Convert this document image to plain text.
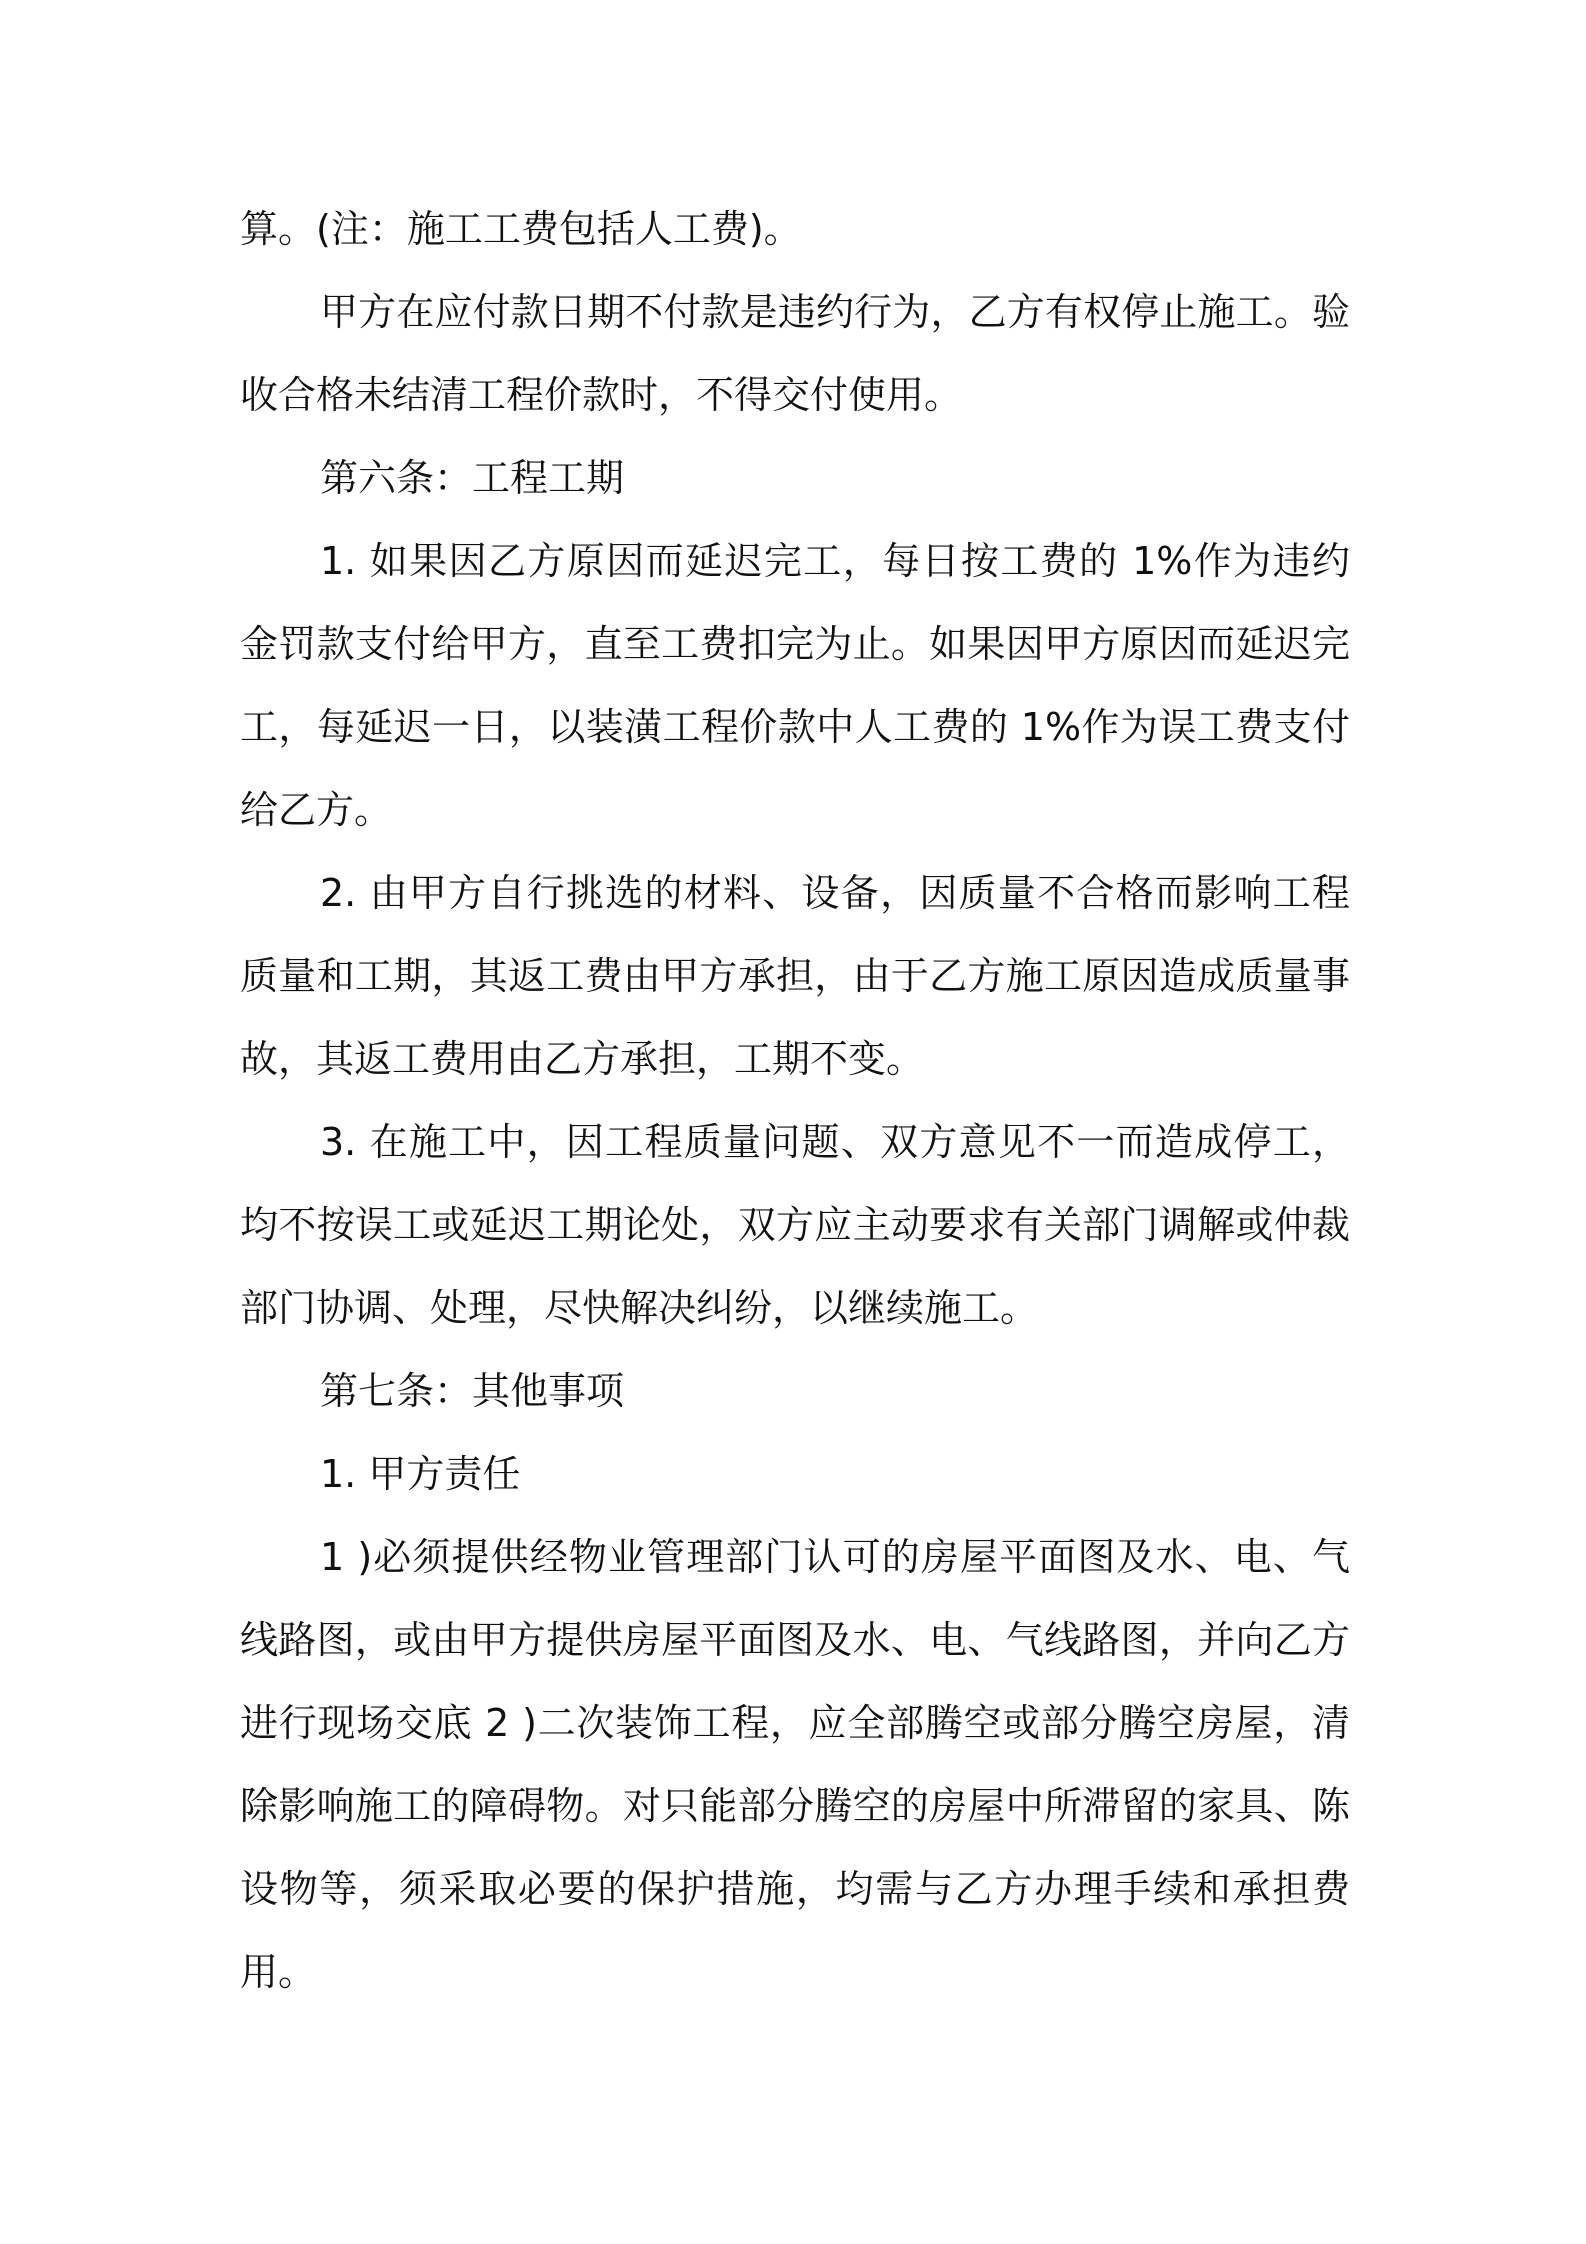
算。(注：施工工费包括人工费)。

甲方在应付款日期不付款是违约行为，乙方有权停止施工。验收合格未结清工程价款时，不得交付使用。

第六条：工程工期

1. 如果因乙方原因而延迟完工，每日按工费的 1%作为违约金罚款支付给甲方，直至工费扣完为止。如果因甲方原因而延迟完工，每延迟一日，以装潢工程价款中人工费的 1%作为误工费支付给乙方。

2. 由甲方自行挑选的材料、设备，因质量不合格而影响工程质量和工期，其返工费由甲方承担，由于乙方施工原因造成质量事故，其返工费用由乙方承担，工期不变。

3. 在施工中，因工程质量问题、双方意见不一而造成停工，均不按误工或延迟工期论处，双方应主动要求有关部门调解或仲裁部门协调、处理，尽快解决纠纷，以继续施工。

第七条：其他事项

1. 甲方责任

1 )必须提供经物业管理部门认可的房屋平面图及水、电、气线路图，或由甲方提供房屋平面图及水、电、气线路图，并向乙方进行现场交底 2 )二次装饰工程，应全部腾空或部分腾空房屋，清除影响施工的障碍物。对只能部分腾空的房屋中所滞留的家具、陈设物等，须采取必要的保护措施，均需与乙方办理手续和承担费用。
